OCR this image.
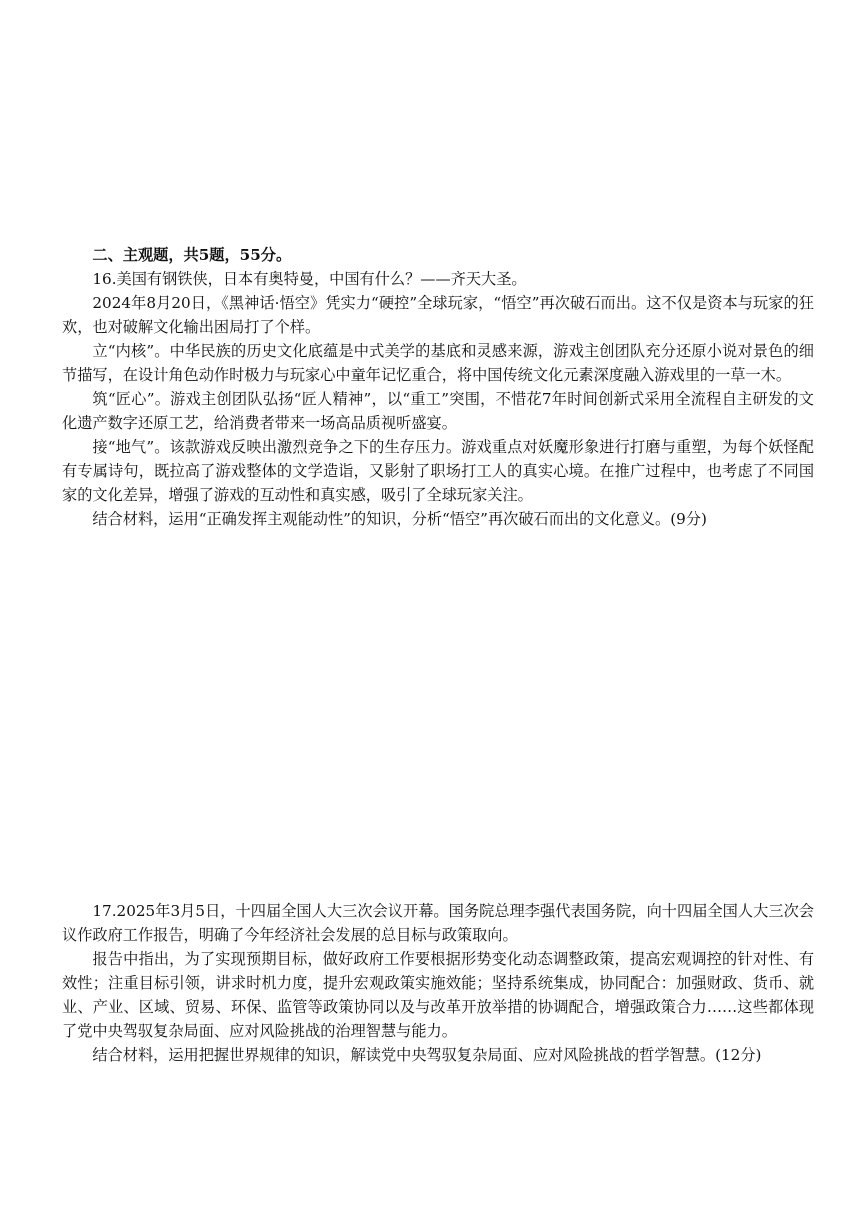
二、主观题，共5题，55分。

16.美国有钢铁侠，日本有奥特曼，中国有什么？——齐天大圣。

2024年8月20日，《黑神话·悟空》凭实力“硬控”全球玩家，“悟空”再次破石而出。这不仅是资本与玩家的狂欢，也对破解文化输出困局打了个样。

立“内核”。中华民族的历史文化底蕴是中式美学的基底和灵感来源，游戏主创团队充分还原小说对景色的细节描写，在设计角色动作时极力与玩家心中童年记忆重合，将中国传统文化元素深度融入游戏里的一草一木。

筑“匠心”。游戏主创团队弘扬“匠人精神”，以“重工”突围，不惜花7年时间创新式采用全流程自主研发的文化遗产数字还原工艺，给消费者带来一场高品质视听盛宴。

接“地气”。该款游戏反映出激烈竞争之下的生存压力。游戏重点对妖魔形象进行打磨与重塑，为每个妖怪配有专属诗句，既拉高了游戏整体的文学造诣，又影射了职场打工人的真实心境。在推广过程中，也考虑了不同国家的文化差异，增强了游戏的互动性和真实感，吸引了全球玩家关注。

结合材料，运用“正确发挥主观能动性”的知识，分析“悟空”再次破石而出的文化意义。(9分)

17.2025年3月5日，十四届全国人大三次会议开幕。国务院总理李强代表国务院，向十四届全国人大三次会议作政府工作报告，明确了今年经济社会发展的总目标与政策取向。

报告中指出，为了实现预期目标，做好政府工作要根据形势变化动态调整政策，提高宏观调控的针对性、有效性；注重目标引领，讲求时机力度，提升宏观政策实施效能；坚持系统集成，协同配合：加强财政、货币、就业、产业、区域、贸易、环保、监管等政策协同以及与改革开放举措的协调配合，增强政策合力……这些都体现了党中央驾驭复杂局面、应对风险挑战的治理智慧与能力。

结合材料，运用把握世界规律的知识，解读党中央驾驭复杂局面、应对风险挑战的哲学智慧。(12分)
